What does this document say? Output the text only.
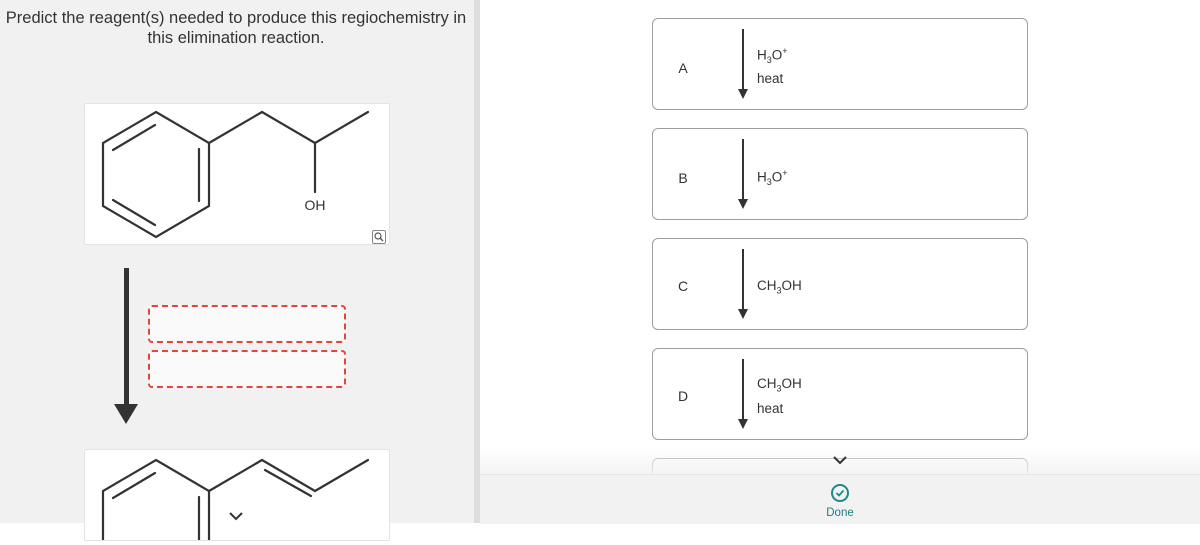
Predict the reagent(s) needed to produce this regiochemistry in
this elimination reaction.
OH
A
$H_3O^+$
heat
B	$H_3O^+$
C	$CH_3OH$
D
$CH_3OH$
heat
Done
